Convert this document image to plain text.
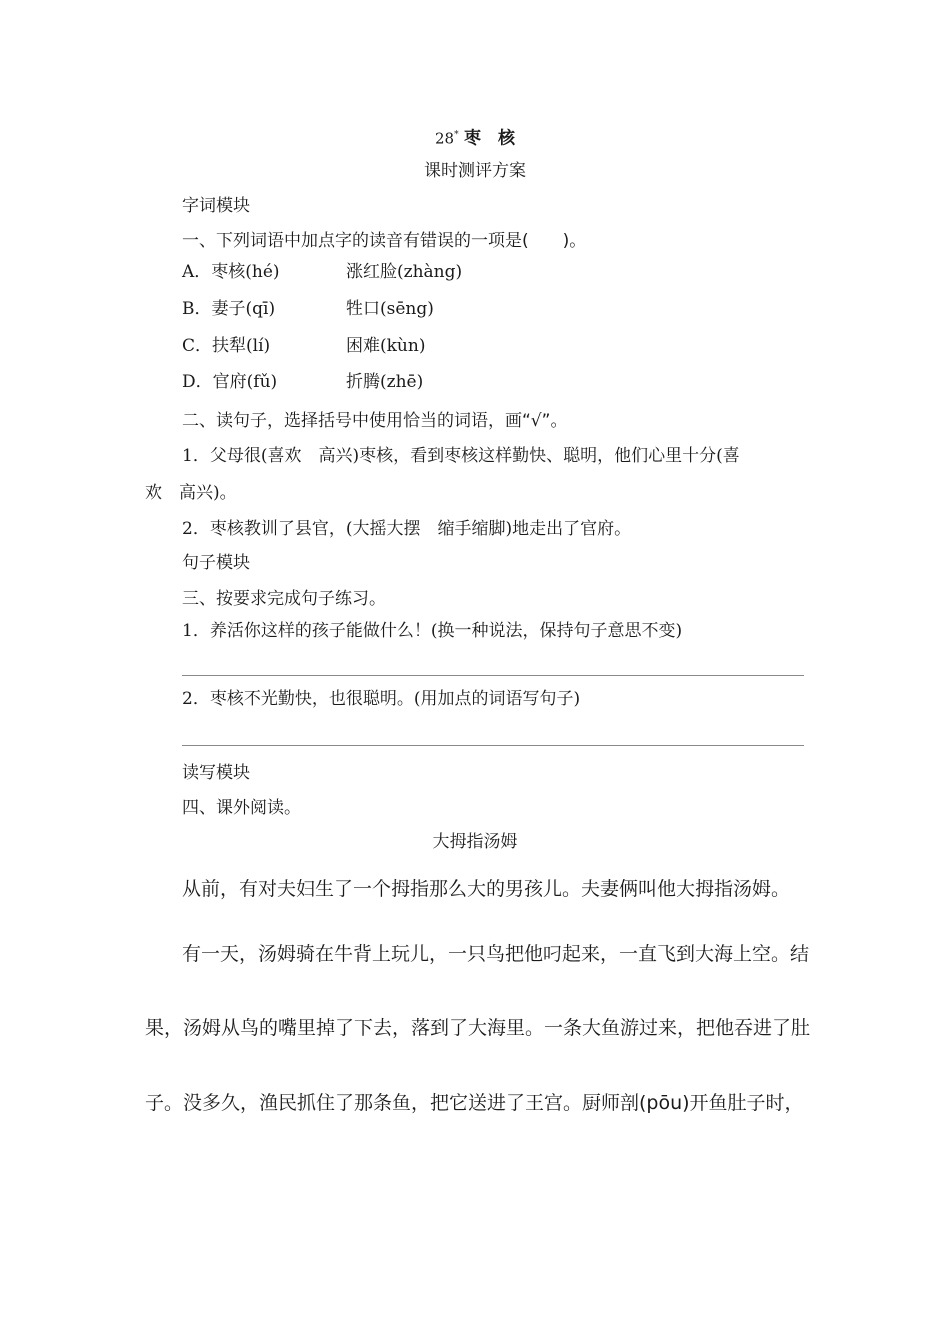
28* 枣　核
课时测评方案
字词模块
一、下列词语中加点字的读音有错误的一项是(　　)。
A．枣核(hé)	涨红脸(zhàng)
B．妻子(qī)	牲口(sēng)
C．扶犁(lí)	困难(kùn)
D．官府(fǔ)	折腾(zhē)
二、读句子，选择括号中使用恰当的词语，画“√”。
1．父母很(喜欢　高兴)枣核，看到枣核这样勤快、聪明，他们心里十分(喜
欢　高兴)。
2．枣核教训了县官，(大摇大摆　缩手缩脚)地走出了官府。
句子模块
三、按要求完成句子练习。
1．养活你这样的孩子能做什么！(换一种说法，保持句子意思不变)
2．枣核不光勤快，也很聪明。(用加点的词语写句子)
读写模块
四、课外阅读。
大拇指汤姆
从前，有对夫妇生了一个拇指那么大的男孩儿。夫妻俩叫他大拇指汤姆。
有一天，汤姆骑在牛背上玩儿，一只鸟把他叼起来，一直飞到大海上空。结
果，汤姆从鸟的嘴里掉了下去，落到了大海里。一条大鱼游过来，把他吞进了肚
子。没多久，渔民抓住了那条鱼，把它送进了王宫。厨师剖(pōu)开鱼肚子时，
